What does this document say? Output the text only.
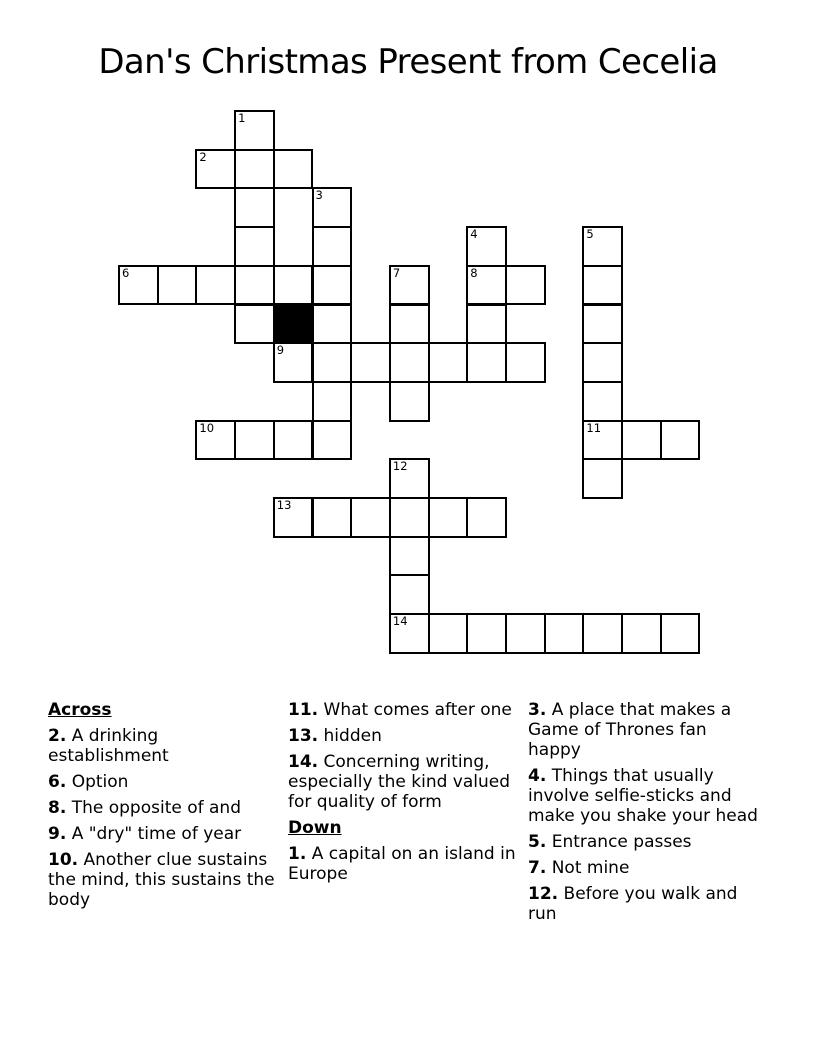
Dan's Christmas Present from Cecelia
1
2
3
4	5
6	7	8
9
10	11
12
13
14
Across
2. A drinking establishment
6. Option
8. The opposite of and
9. A "dry" time of year
10. Another clue sustains the mind, this sustains the body
11. What comes after one
13. hidden
14. Concerning writing, especially the kind valued for quality of form
Down
1. A capital on an island in Europe
3. A place that makes a Game of Thrones fan happy
4. Things that usually involve selfie-sticks and make you shake your head
5. Entrance passes
7. Not mine
12. Before you walk and run
